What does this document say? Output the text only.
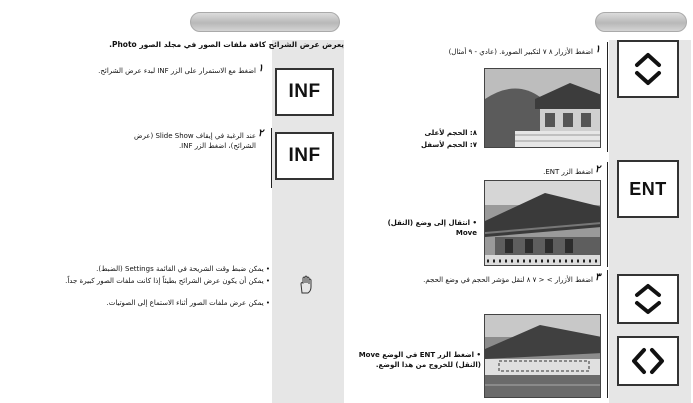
يعرض عرض الشرائح كافة ملفات الصور في مجلد الصور Photo.
١
اضغط مع الاستمرار على الزر INF لبدء عرض الشرائح.
INF
٢
عند الرغبة في إيقاف Slide Show (عرض الشرائح)، اضغط الزر INF. INF
• يمكن ضبط وقت الشريحة في القائمة Settings (الضبط).
• يمكن أن يكون عرض الشرائح بطيئاً إذا كانت ملفات الصور كبيرة جداً.
• يمكن عرض ملفات الصور أثناء الاستماع إلى الصوتيات.
١
اضغط الأزرار ٨ ٧ لتكبير الصورة. (عادي - ٩ أمثال)
٨: الحجم لأعلى
٧: الحجم لأسفل
٢
اضغط الزر ENT.
ENT
• انتقال إلى وضع (النقل) Move
٣
اضغط الأزرار > < ٧ ٨ لنقل مؤشر الحجم في وضع الحجم.
• اضغط الزر ENT في الوضع Move (النقل) للخروج من هذا الوضع.
